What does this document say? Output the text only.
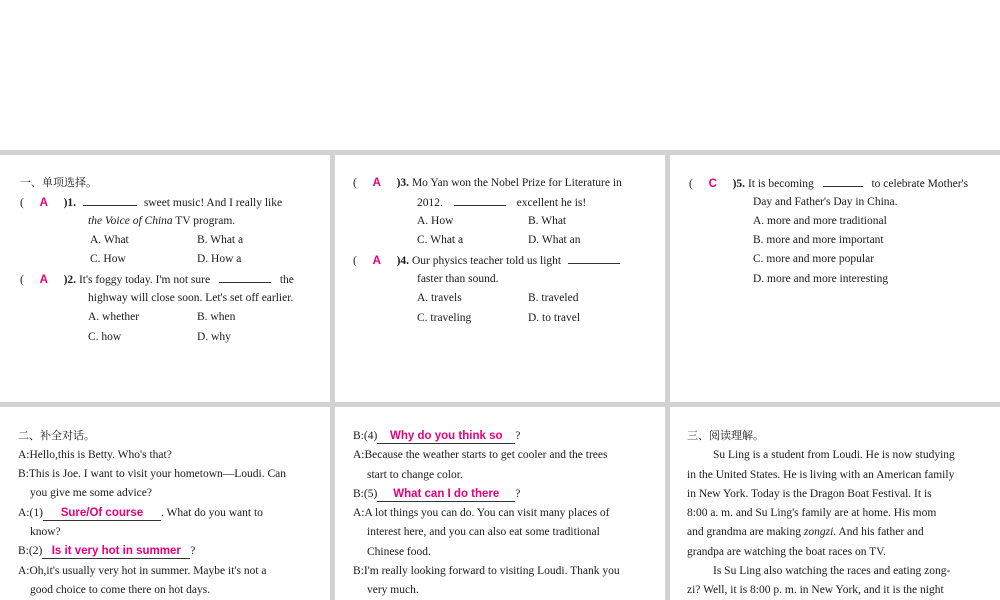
一、单项选择。
( A )1.	sweet music! And I really like
the Voice of China TV program.
A. What	B. What a
C. How	D. How a
( A )2. It's foggy today. I'm not sure	the
highway will close soon. Let's set off earlier.
A. whether	B. when
C. how	D. why
( A )3. Mo Yan won the Nobel Prize for Literature in
2012.	excellent he is!
A. How	B. What
C. What a	D. What an
( A )4. Our physics teacher told us light
faster than sound.
A. travels	B. traveled
C. traveling	D. to travel
( C )5. It is becoming	to celebrate Mother's
Day and Father's Day in China.
A. more and more traditional
B. more and more important
C. more and more popular
D. more and more interesting
二、补全对话。
A:Hello,this is Betty. Who's that?
B:This is Joe. I want to visit your hometown—Loudi. Can
you give me some advice?
A:(1) Sure/Of course . What do you want to
know?
B:(2) Is it very hot in summer ?
A:Oh,it's usually very hot in summer. Maybe it's not a
good choice to come there on hot days.
B:(4) Why do you think so ?
A:Because the weather starts to get cooler and the trees
start to change color.
B:(5) What can I do there ?
A:A lot things you can do. You can visit many places of
interest here, and you can also eat some traditional
Chinese food.
B:I'm really looking forward to visiting Loudi. Thank you
very much.
三、阅读理解。
Su Ling is a student from Loudi. He is now studying
in the United States. He is living with an American family
in New York. Today is the Dragon Boat Festival. It is
8:00 a. m. and Su Ling's family are at home. His mom
and grandma are making zongzi. And his father and
grandpa are watching the boat races on TV.
Is Su Ling also watching the races and eating zong-
zi? Well, it is 8:00 p. m. in New York, and it is the night
